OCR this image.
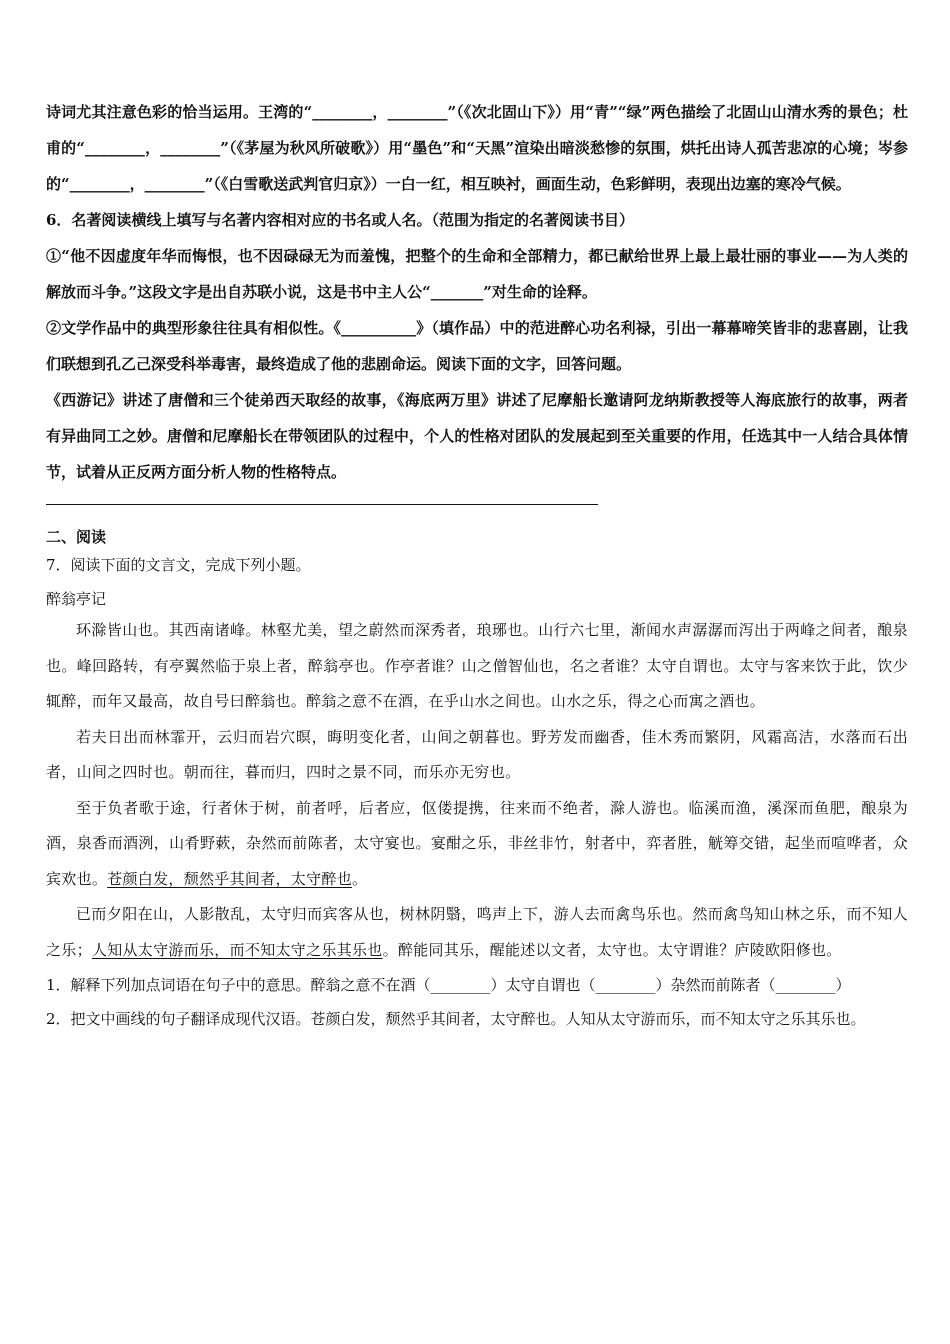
诗词尤其注意色彩的恰当运用。王湾的“________，________”（《次北固山下》）用“青”“绿”两色描绘了北固山山清水秀的景色；杜甫的“________，________”（《茅屋为秋风所破歌》）用“墨色”和“天黑”渲染出暗淡愁惨的氛围，烘托出诗人孤苦悲凉的心境；岑参的“________，________”（《白雪歌送武判官归京》）一白一红，相互映衬，画面生动，色彩鲜明，表现出边塞的寒冷气候。

6．名著阅读横线上填写与名著内容相对应的书名或人名。（范围为指定的名著阅读书目）

①“他不因虚度年华而悔恨，也不因碌碌无为而羞愧，把整个的生命和全部精力，都已献给世界上最上最壮丽的事业——为人类的解放而斗争。”这段文字是出自苏联小说，这是书中主人公“_______”对生命的诠释。

②文学作品中的典型形象往往具有相似性。《__________》（填作品）中的范进醉心功名利禄，引出一幕幕啼笑皆非的悲喜剧，让我们联想到孔乙己深受科举毒害，最终造成了他的悲剧命运。阅读下面的文字，回答问题。

《西游记》讲述了唐僧和三个徒弟西天取经的故事，《海底两万里》讲述了尼摩船长邀请阿龙纳斯教授等人海底旅行的故事，两者有异曲同工之妙。唐僧和尼摩船长在带领团队的过程中，个人的性格对团队的发展起到至关重要的作用，任选其中一人结合具体情节，试着从正反两方面分析人物的性格特点。

二、阅读

7．阅读下面的文言文，完成下列小题。

醉翁亭记

环滁皆山也。其西南诸峰。林壑尤美，望之蔚然而深秀者，琅琊也。山行六七里，渐闻水声潺潺而泻出于两峰之间者，酿泉也。峰回路转，有亭翼然临于泉上者，醉翁亭也。作亭者谁？山之僧智仙也，名之者谁？太守自谓也。太守与客来饮于此，饮少辄醉，而年又最高，故自号曰醉翁也。醉翁之意不在酒，在乎山水之间也。山水之乐，得之心而寓之酒也。

若夫日出而林霏开，云归而岩穴暝，晦明变化者，山间之朝暮也。野芳发而幽香，佳木秀而繁阴，风霜高洁，水落而石出者，山间之四时也。朝而往，暮而归，四时之景不同，而乐亦无穷也。

至于负者歌于途，行者休于树，前者呼，后者应，伛偻提携，往来而不绝者，滁人游也。临溪而渔，溪深而鱼肥，酿泉为酒，泉香而酒洌，山肴野蔌，杂然而前陈者，太守宴也。宴酣之乐，非丝非竹，射者中，弈者胜，觥筹交错，起坐而喧哗者，众宾欢也。苍颜白发，颓然乎其间者，太守醉也。

已而夕阳在山，人影散乱，太守归而宾客从也，树林阴翳，鸣声上下，游人去而禽鸟乐也。然而禽鸟知山林之乐，而不知人之乐；人知从太守游而乐，而不知太守之乐其乐也。醉能同其乐，醒能述以文者，太守也。太守谓谁？庐陵欧阳修也。

1．解释下列加点词语在句子中的意思。醉翁之意不在酒（________）太守自谓也（________）杂然而前陈者（________）

2．把文中画线的句子翻译成现代汉语。苍颜白发，颓然乎其间者，太守醉也。人知从太守游而乐，而不知太守之乐其乐也。
